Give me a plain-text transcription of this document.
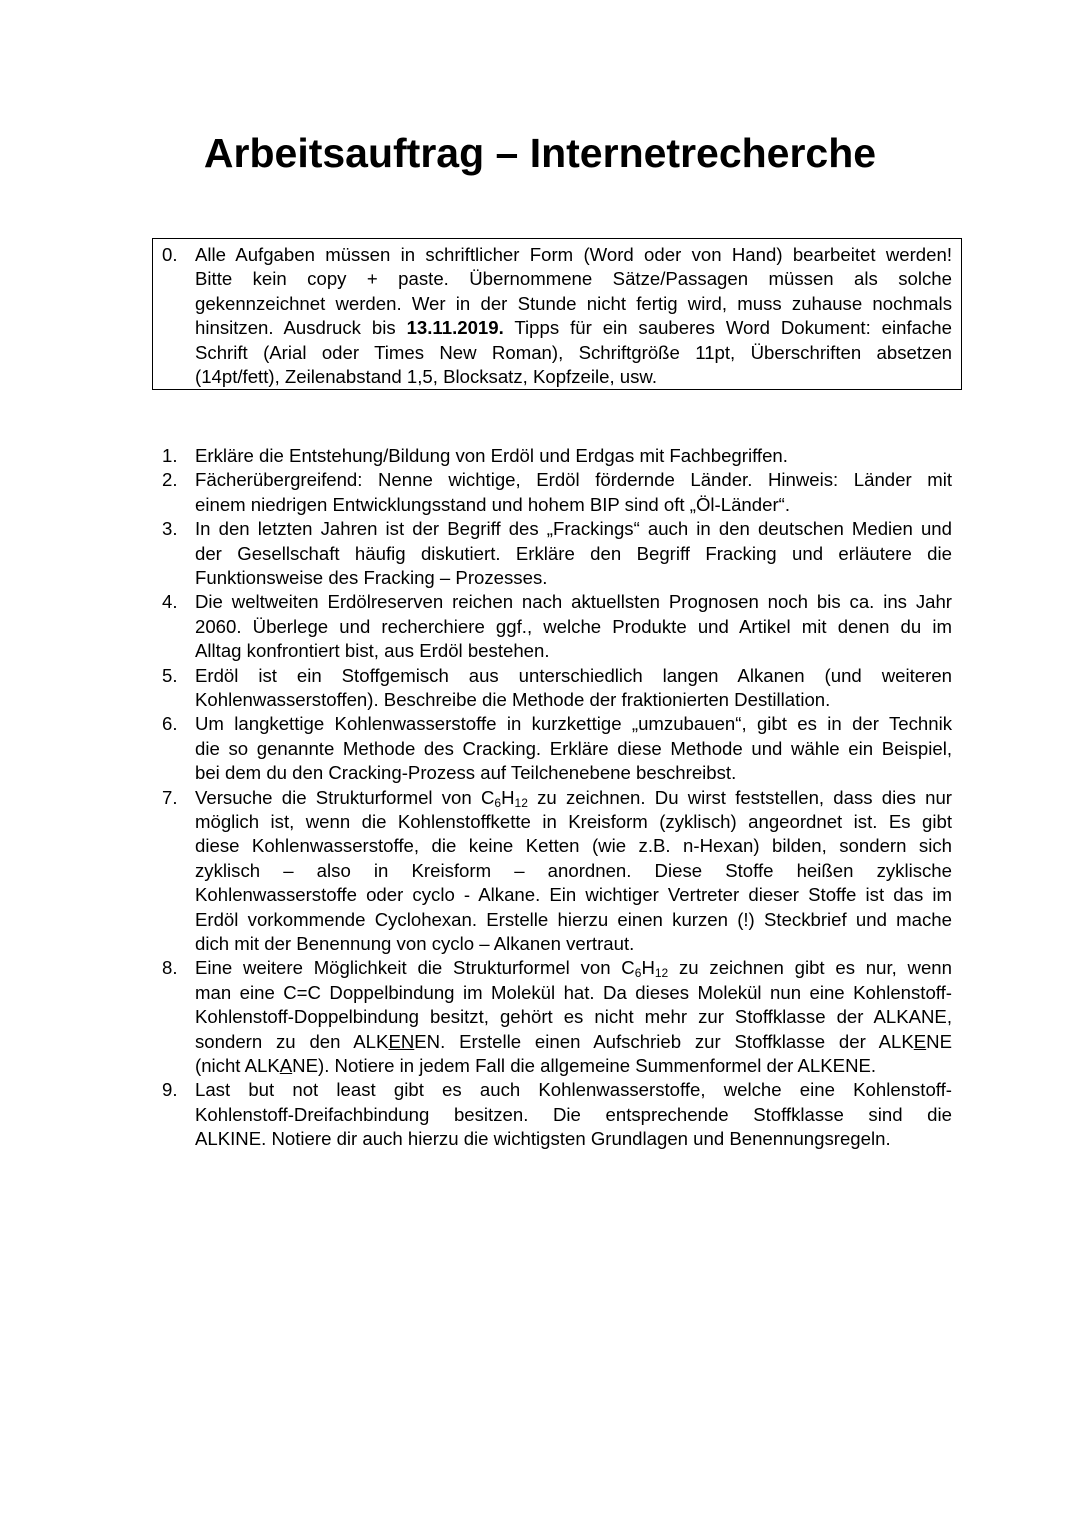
Arbeitsauftrag – Internetrecherche
0. Alle Aufgaben müssen in schriftlicher Form (Word oder von Hand) bearbeitet werden!
Bitte kein copy + paste. Übernommene Sätze/Passagen müssen als solche
gekennzeichnet werden. Wer in der Stunde nicht fertig wird, muss zuhause nochmals
hinsitzen. Ausdruck bis 13.11.2019. Tipps für ein sauberes Word Dokument: einfache
Schrift (Arial oder Times New Roman), Schriftgröße 11pt, Überschriften absetzen
(14pt/fett), Zeilenabstand 1,5, Blocksatz, Kopfzeile, usw.
1. Erkläre die Entstehung/Bildung von Erdöl und Erdgas mit Fachbegriffen.
2. Fächerübergreifend: Nenne wichtige, Erdöl fördernde Länder. Hinweis: Länder mit
einem niedrigen Entwicklungsstand und hohem BIP sind oft „Öl-Länder“.
3. In den letzten Jahren ist der Begriff des „Frackings“ auch in den deutschen Medien und
der Gesellschaft häufig diskutiert. Erkläre den Begriff Fracking und erläutere die
Funktionsweise des Fracking – Prozesses.
4. Die weltweiten Erdölreserven reichen nach aktuellsten Prognosen noch bis ca. ins Jahr
2060. Überlege und recherchiere ggf., welche Produkte und Artikel mit denen du im
Alltag konfrontiert bist, aus Erdöl bestehen.
5. Erdöl ist ein Stoffgemisch aus unterschiedlich langen Alkanen (und weiteren
Kohlenwasserstoffen). Beschreibe die Methode der fraktionierten Destillation.
6. Um langkettige Kohlenwasserstoffe in kurzkettige „umzubauen“, gibt es in der Technik
die so genannte Methode des Cracking. Erkläre diese Methode und wähle ein Beispiel,
bei dem du den Cracking-Prozess auf Teilchenebene beschreibst.
7. Versuche die Strukturformel von $C_6H_{12}$ zu zeichnen. Du wirst feststellen, dass dies nur
möglich ist, wenn die Kohlenstoffkette in Kreisform (zyklisch) angeordnet ist. Es gibt
diese Kohlenwasserstoffe, die keine Ketten (wie z.B. n-Hexan) bilden, sondern sich
zyklisch – also in Kreisform – anordnen. Diese Stoffe heißen zyklische
Kohlenwasserstoffe oder cyclo - Alkane. Ein wichtiger Vertreter dieser Stoffe ist das im
Erdöl vorkommende Cyclohexan. Erstelle hierzu einen kurzen (!) Steckbrief und mache
dich mit der Benennung von cyclo – Alkanen vertraut.
8. Eine weitere Möglichkeit die Strukturformel von $C_6H_{12}$ zu zeichnen gibt es nur, wenn
man eine C=C Doppelbindung im Molekül hat. Da dieses Molekül nun eine Kohlenstoff-
Kohlenstoff-Doppelbindung besitzt, gehört es nicht mehr zur Stoffklasse der ALKANE,
sondern zu den ALKENEN. Erstelle einen Aufschrieb zur Stoffklasse der ALKENE
(nicht ALKANE). Notiere in jedem Fall die allgemeine Summenformel der ALKENE.
9. Last but not least gibt es auch Kohlenwasserstoffe, welche eine Kohlenstoff-
Kohlenstoff-Dreifachbindung besitzen. Die entsprechende Stoffklasse sind die
ALKINE. Notiere dir auch hierzu die wichtigsten Grundlagen und Benennungsregeln.
